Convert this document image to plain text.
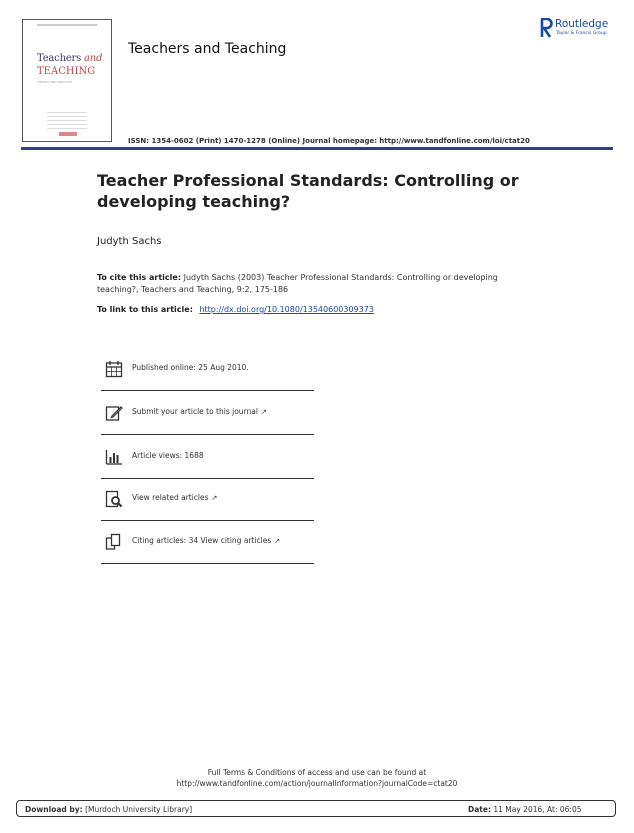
Teachers and
TEACHING
THEORY AND PRACTICE
Teachers and Teaching
Routledge
Taylor & Francis Group
ISSN: 1354-0602 (Print) 1470-1278 (Online) Journal homepage: http://www.tandfonline.com/loi/ctat20
Teacher Professional Standards: Controlling or developing teaching?
Judyth Sachs
To cite this article: Judyth Sachs (2003) Teacher Professional Standards: Controlling or developing teaching?, Teachers and Teaching, 9:2, 175-186
To link to this article: http://dx.doi.org/10.1080/13540600309373
Published online: 25 Aug 2010.
Submit your article to this journal ↗
Article views: 1688
View related articles ↗
Citing articles: 34 View citing articles ↗
Full Terms & Conditions of access and use can be found at
http://www.tandfonline.com/action/journalInformation?journalCode=ctat20
Download by: [Murdoch University Library]	Date: 11 May 2016, At: 06:05
